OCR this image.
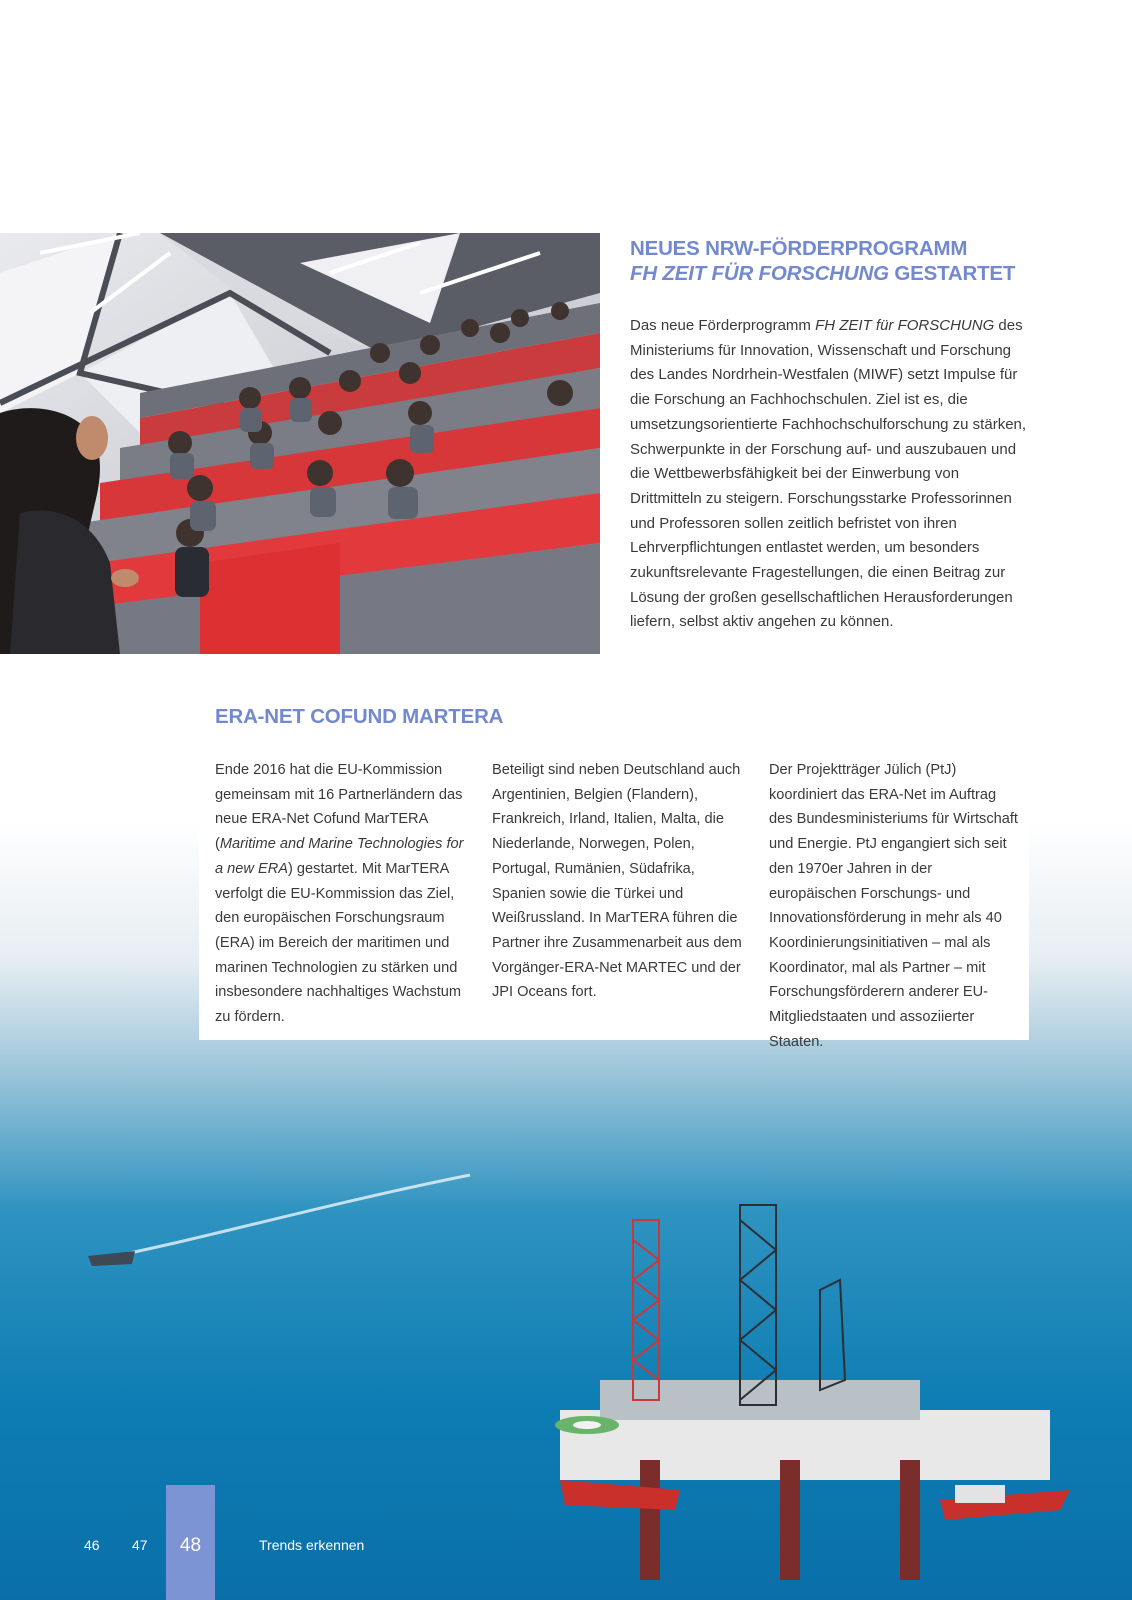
NEUES NRW-FÖRDERPROGRAMM
FH ZEIT FÜR FORSCHUNG GESTARTET

Das neue Förderprogramm FH ZEIT für FORSCHUNG des Ministeriums für Innovation, Wissenschaft und Forschung des Landes Nordrhein-Westfalen (MIWF) setzt Impulse für die Forschung an Fachhochschulen. Ziel ist es, die umsetzungsorientierte Fachhochschulforschung zu stärken, Schwerpunkte in der Forschung auf- und auszubauen und die Wettbewerbsfähigkeit bei der Einwerbung von Drittmitteln zu steigern. Forschungsstarke Professorinnen und Professoren sollen zeitlich befristet von ihren Lehrverpflichtungen entlastet werden, um besonders zukunftsrelevante Fragestellungen, die einen Beitrag zur Lösung der großen gesellschaftlichen Herausforderungen liefern, selbst aktiv angehen zu können.

ERA-NET COFUND MARTERA

Ende 2016 hat die EU-Kommission gemeinsam mit 16 Partnerländern das neue ERA-Net Cofund MarTERA (Maritime and Marine Technologies for a new ERA) gestartet. Mit MarTERA verfolgt die EU-Kommission das Ziel, den europäischen Forschungsraum (ERA) im Bereich der maritimen und marinen Technologien zu stärken und insbesondere nachhaltiges Wachstum zu fördern.

Beteiligt sind neben Deutschland auch Argentinien, Belgien (Flandern), Frankreich, Irland, Italien, Malta, die Niederlande, Norwegen, Polen, Portugal, Rumänien, Südafrika, Spanien sowie die Türkei und Weißrussland. In MarTERA führen die Partner ihre Zusammenarbeit aus dem Vorgänger-ERA-Net MARTEC und der JPI Oceans fort.

Der Projektträger Jülich (PtJ) koordiniert das ERA-Net im Auftrag des Bundesministeriums für Wirtschaft und Energie. PtJ engangiert sich seit den 1970er Jahren in der europäischen Forschungs- und Innovationsförderung in mehr als 40 Koordinierungsinitiativen – mal als Koordinator, mal als Partner – mit Forschungsförderern anderer EU-Mitgliedstaaten und assoziierter Staaten.

46 47 48	Trends erkennen
